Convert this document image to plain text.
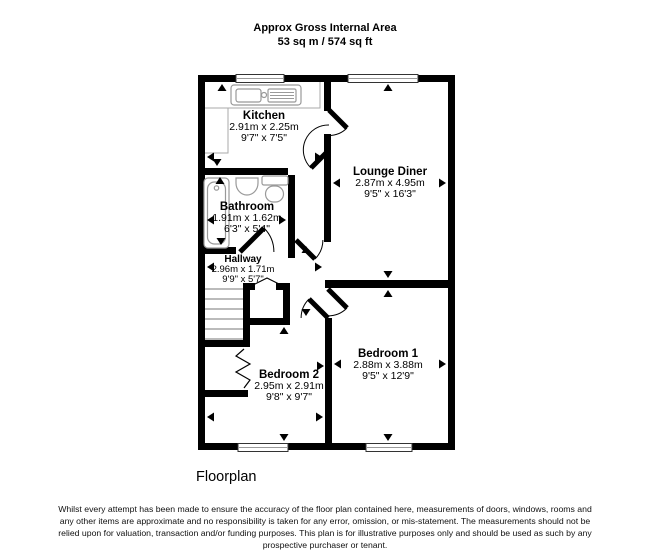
Approx Gross Internal Area
53 sq m / 574 sq ft
Kitchen
2.91m x 2.25m
9'7" x 7'5"
Lounge Diner
2.87m x 4.95m
9'5" x 16'3"
Bathroom
1.91m x 1.62m
6'3" x 5'4"
Hallway
2.96m x 1.71m
9'9" x 5'7"
Bedroom 1
2.88m x 3.88m
9'5" x 12'9"
Bedroom 2
2.95m x 2.91m
9'8" x 9'7"
Floorplan
Whilst every attempt has been made to ensure the accuracy of the floor plan contained here, measurements of doors, windows, rooms and
any other items are approximate and no responsibility is taken for any error, omission, or mis-statement. The measurements should not be
relied upon for valuation, transaction and/or funding purposes. This plan is for illustrative purposes only and should be used as such by any
prospective purchaser or tenant.
